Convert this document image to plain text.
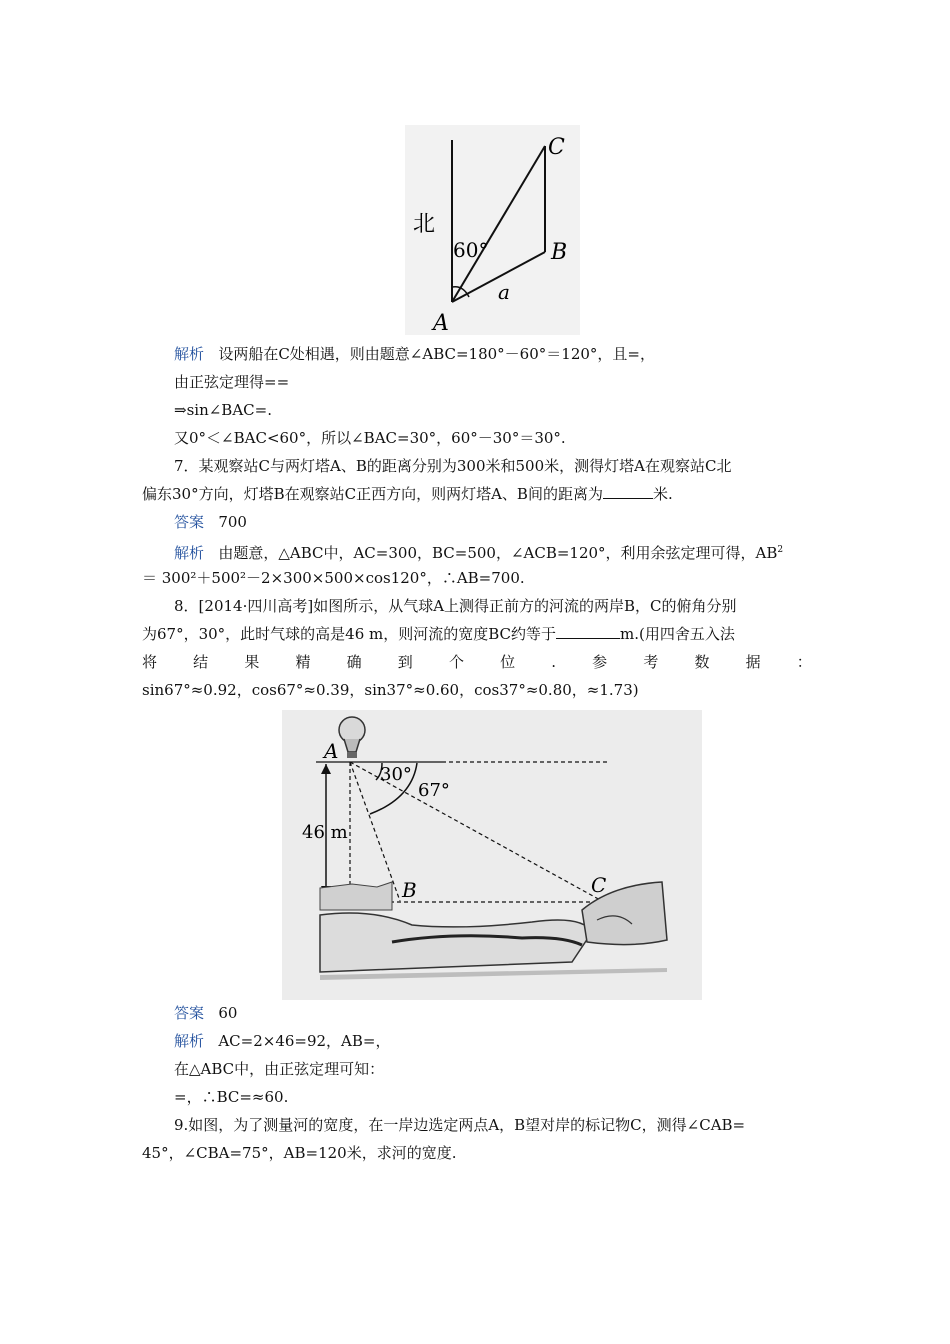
北
60°
A
B
C
a
解析 设两船在C处相遇，则由题意∠ABC=180°－60°＝120°，且=，
由正弦定理得==
⇒sin∠BAC=.
又0°＜∠BAC<60°，所以∠BAC=30°，60°－30°＝30°.
7．某观察站C与两灯塔A、B的距离分别为300米和500米，测得灯塔A在观察站C北
偏东30°方向，灯塔B在观察站C正西方向，则两灯塔A、B间的距离为	米.
答案 700
解析 由题意，△ABC中，AC=300，BC=500，∠ACB=120°，利用余弦定理可得，$AB^2$
＝ 300²＋500²－2×300×500×cos120°，∴AB=700.
8．[2014·四川高考]如图所示，从气球A上测得正前方的河流的两岸B，C的俯角分别
为67°，30°，此时气球的高是46 m，则河流的宽度BC约等于	m.(用四舍五入法
将 结 果 精 确 到 个 位 . 参 考 数 据 ：
sin67°≈0.92，cos67°≈0.39，sin37°≈0.60，cos37°≈0.80，≈1.73)
A
B	C
30°
67°
46 m
答案 60
解析 AC=2×46=92，AB=，
在△ABC中，由正弦定理可知：
=，∴BC=≈60.
9.如图，为了测量河的宽度，在一岸边选定两点A，B望对岸的标记物C，测得∠CAB=
45°，∠CBA=75°，AB=120米，求河的宽度.
